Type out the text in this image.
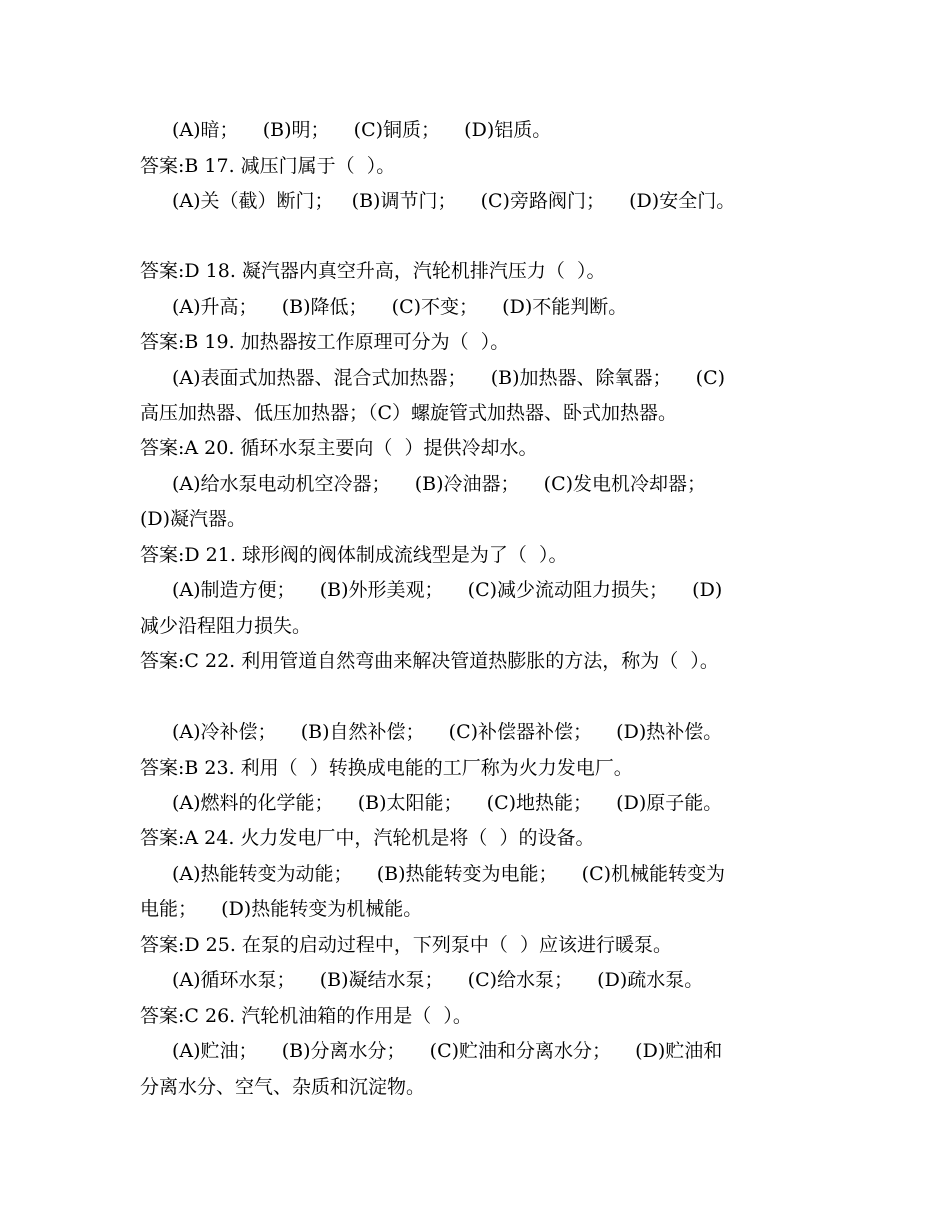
(A)暗；    (B)明；    (C)铜质；    (D)铝质。
答案:B 17. 减压门属于（  ）。
(A)关（截）断门；   (B)调节门；    (C)旁路阀门；    (D)安全门。
答案:D 18. 凝汽器内真空升高，汽轮机排汽压力（  ）。
(A)升高；    (B)降低；    (C)不变；    (D)不能判断。
答案:B 19. 加热器按工作原理可分为（  ）。
(A)表面式加热器、混合式加热器；    (B)加热器、除氧器；    (C)
高压加热器、低压加热器；（C）螺旋管式加热器、卧式加热器。
答案:A 20. 循环水泵主要向（  ）提供冷却水。
(A)给水泵电动机空冷器；    (B)冷油器；    (C)发电机冷却器；
(D)凝汽器。
答案:D 21. 球形阀的阀体制成流线型是为了（  ）。
(A)制造方便；    (B)外形美观；    (C)减少流动阻力损失；    (D)
减少沿程阻力损失。
答案:C 22. 利用管道自然弯曲来解决管道热膨胀的方法，称为（  ）。
(A)冷补偿；    (B)自然补偿；    (C)补偿器补偿；    (D)热补偿。
答案:B 23. 利用（  ）转换成电能的工厂称为火力发电厂。
(A)燃料的化学能；    (B)太阳能；    (C)地热能；    (D)原子能。
答案:A 24. 火力发电厂中，汽轮机是将（  ）的设备。
(A)热能转变为动能；    (B)热能转变为电能；    (C)机械能转变为
电能；    (D)热能转变为机械能。
答案:D 25. 在泵的启动过程中，下列泵中（  ）应该进行暖泵。
(A)循环水泵；    (B)凝结水泵；    (C)给水泵；    (D)疏水泵。
答案:C 26. 汽轮机油箱的作用是（  ）。
(A)贮油；    (B)分离水分；    (C)贮油和分离水分；    (D)贮油和
分离水分、空气、杂质和沉淀物。
